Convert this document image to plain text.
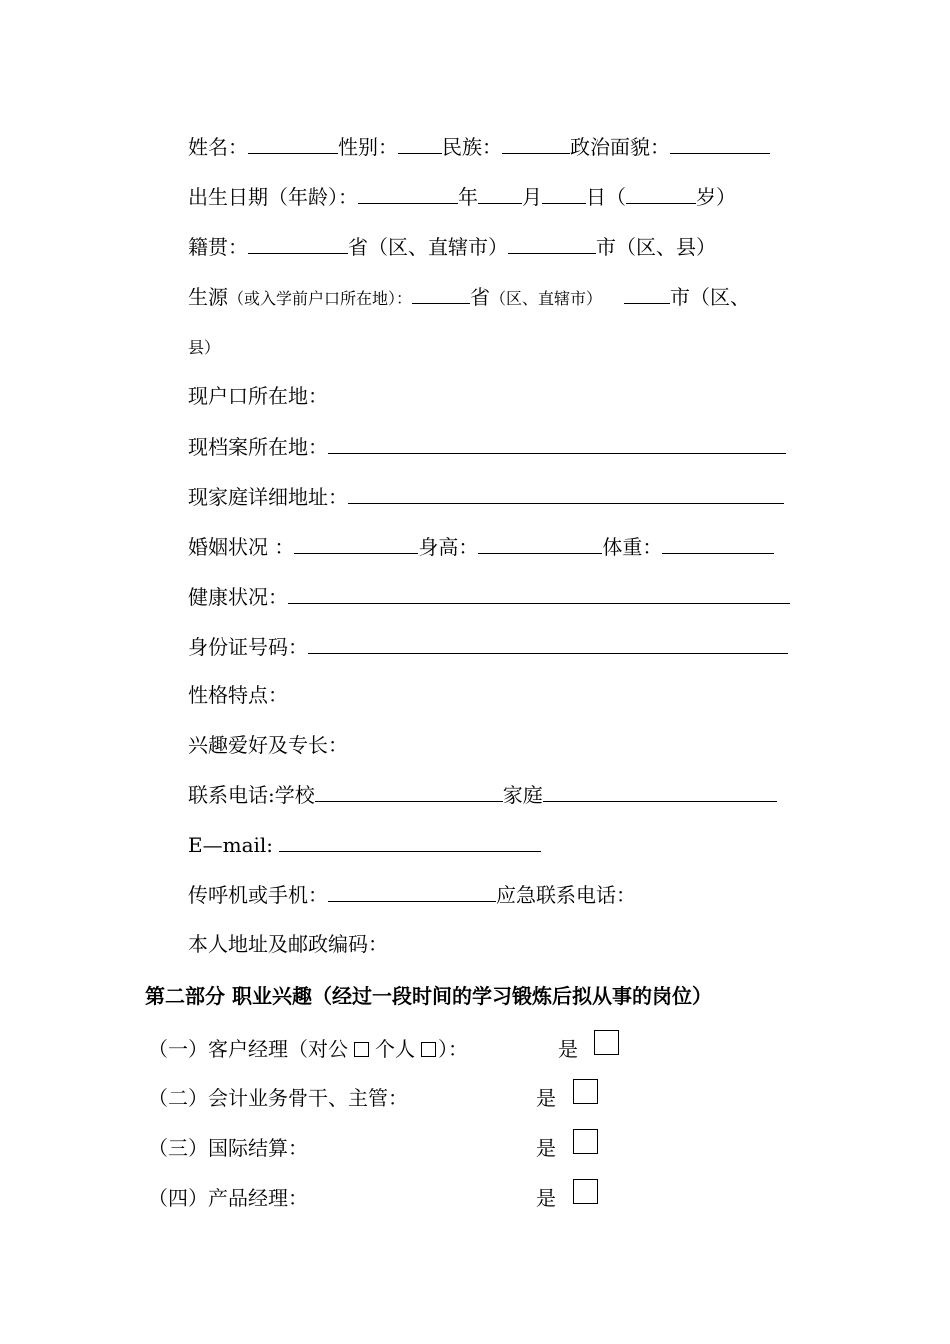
姓名：	性别： 民族：	政治面貌：
出生日期（年龄）：	年 月 日（	岁）
籍贯：	省（区、直辖市）	市（区、县）
生源（或入学前户口所在地）：	省（区、直辖市）	市（区、
县）
现户口所在地：
现档案所在地：
现家庭详细地址：
婚姻状况 ：	身高：	体重：
健康状况：
身份证号码：
性格特点：
兴趣爱好及专长：
联系电话:学校	家庭
E—mail:
传呼机或手机：	应急联系电话：
本人地址及邮政编码：
第二部分 职业兴趣（经过一段时间的学习锻炼后拟从事的岗位）
（一）客户经理（对公 个人 ）：	是
（二）会计业务骨干、主管：	是
（三）国际结算：	是
（四）产品经理：	是
